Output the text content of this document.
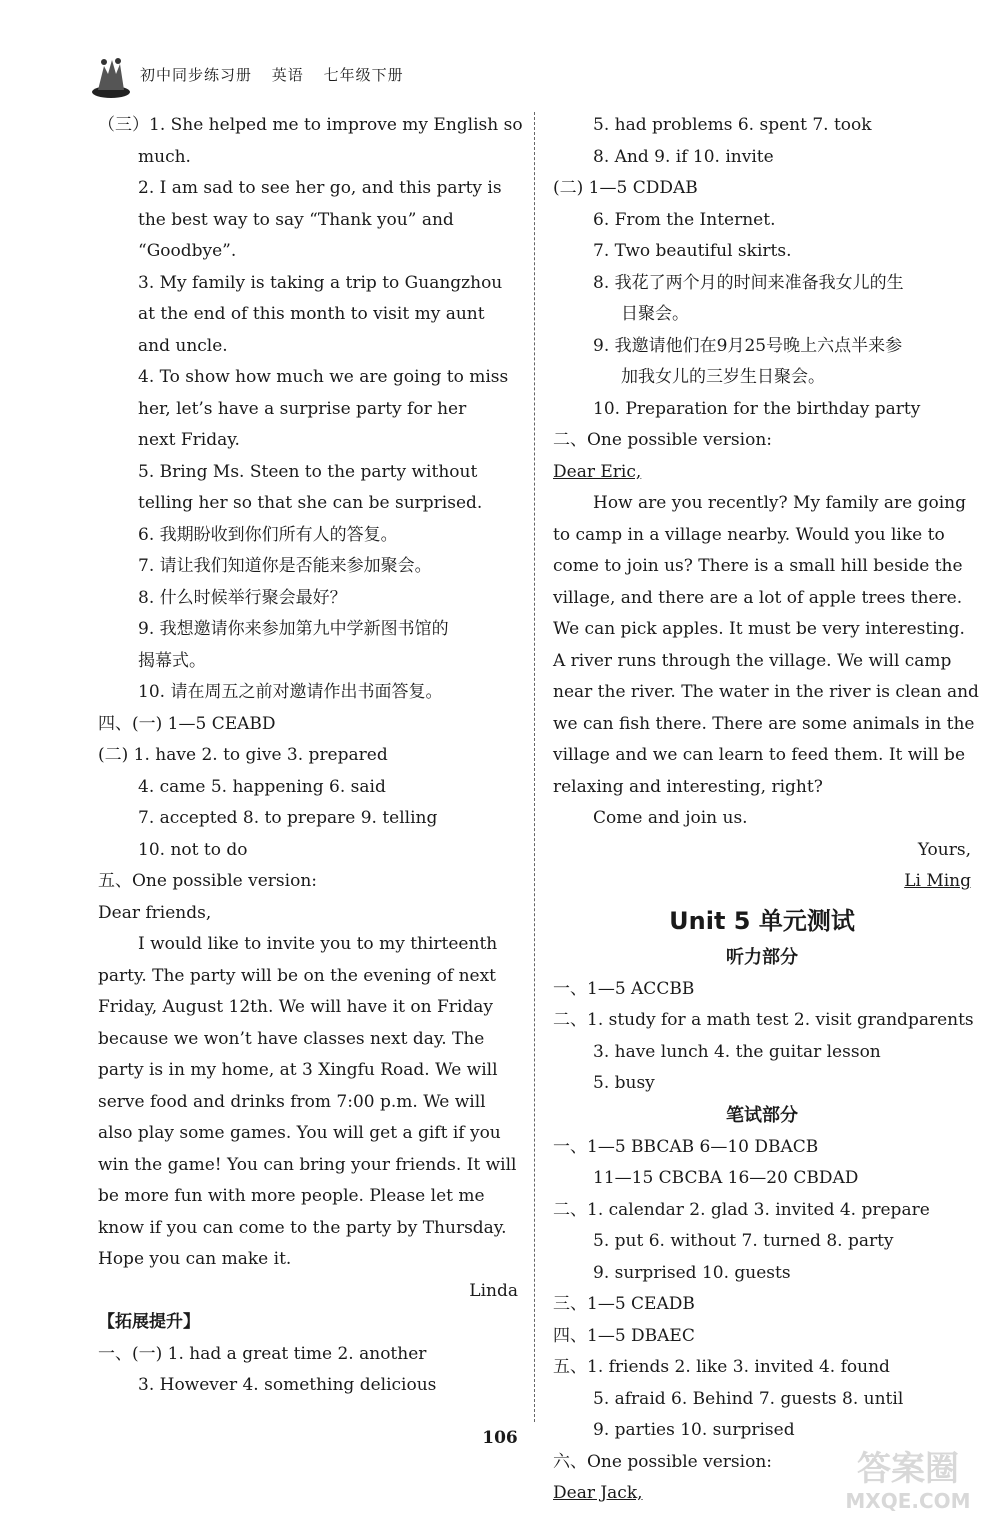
初中同步练习册 英语 七年级下册
（三）1. She helped me to improve my English so
much.
2. I am sad to see her go, and this party is
the best way to say “Thank you” and
“Goodbye”.
3. My family is taking a trip to Guangzhou
at the end of this month to visit my aunt
and uncle.
4. To show how much we are going to miss
her, let’s have a surprise party for her
next Friday.
5. Bring Ms. Steen to the party without
telling her so that she can be surprised.
6. 我期盼收到你们所有人的答复。
7. 请让我们知道你是否能来参加聚会。
8. 什么时候举行聚会最好？
9. 我想邀请你来参加第九中学新图书馆的
揭幕式。
10. 请在周五之前对邀请作出书面答复。
四、(一) 1—5 CEABD
(二) 1. have 2. to give 3. prepared
4. came 5. happening 6. said
7. accepted 8. to prepare 9. telling
10. not to do
五、One possible version:
Dear friends,
I would like to invite you to my thirteenth
party. The party will be on the evening of next
Friday, August 12th. We will have it on Friday
because we won’t have classes next day. The
party is in my home, at 3 Xingfu Road. We will
serve food and drinks from 7:00 p.m. We will
also play some games. You will get a gift if you
win the game! You can bring your friends. It will
be more fun with more people. Please let me
know if you can come to the party by Thursday.
Hope you can make it.
Linda
【拓展提升】
一、(一) 1. had a great time 2. another
3. However 4. something delicious
5. had problems 6. spent 7. took
8. And 9. if 10. invite
(二) 1—5 CDDAB
6. From the Internet.
7. Two beautiful skirts.
8. 我花了两个月的时间来准备我女儿的生
日聚会。
9. 我邀请他们在9月25号晚上六点半来参
加我女儿的三岁生日聚会。
10. Preparation for the birthday party
二、One possible version:
Dear Eric,
How are you recently? My family are going
to camp in a village nearby. Would you like to
come to join us? There is a small hill beside the
village, and there are a lot of apple trees there.
We can pick apples. It must be very interesting.
A river runs through the village. We will camp
near the river. The water in the river is clean and
we can fish there. There are some animals in the
village and we can learn to feed them. It will be
relaxing and interesting, right?
Come and join us.
Yours,
Li Ming
Unit 5 单元测试
听力部分
一、1—5 ACCBB
二、1. study for a math test 2. visit grandparents
3. have lunch 4. the guitar lesson
5. busy
笔试部分
一、1—5 BBCAB 6—10 DBACB
11—15 CBCBA 16—20 CBDAD
二、1. calendar 2. glad 3. invited 4. prepare
5. put 6. without 7. turned 8. party
9. surprised 10. guests
三、1—5 CEADB
四、1—5 DBAEC
五、1. friends 2. like 3. invited 4. found
5. afraid 6. Behind 7. guests 8. until
9. parties 10. surprised
六、One possible version:
Dear Jack,
106
答案圈
MXQE.COM
